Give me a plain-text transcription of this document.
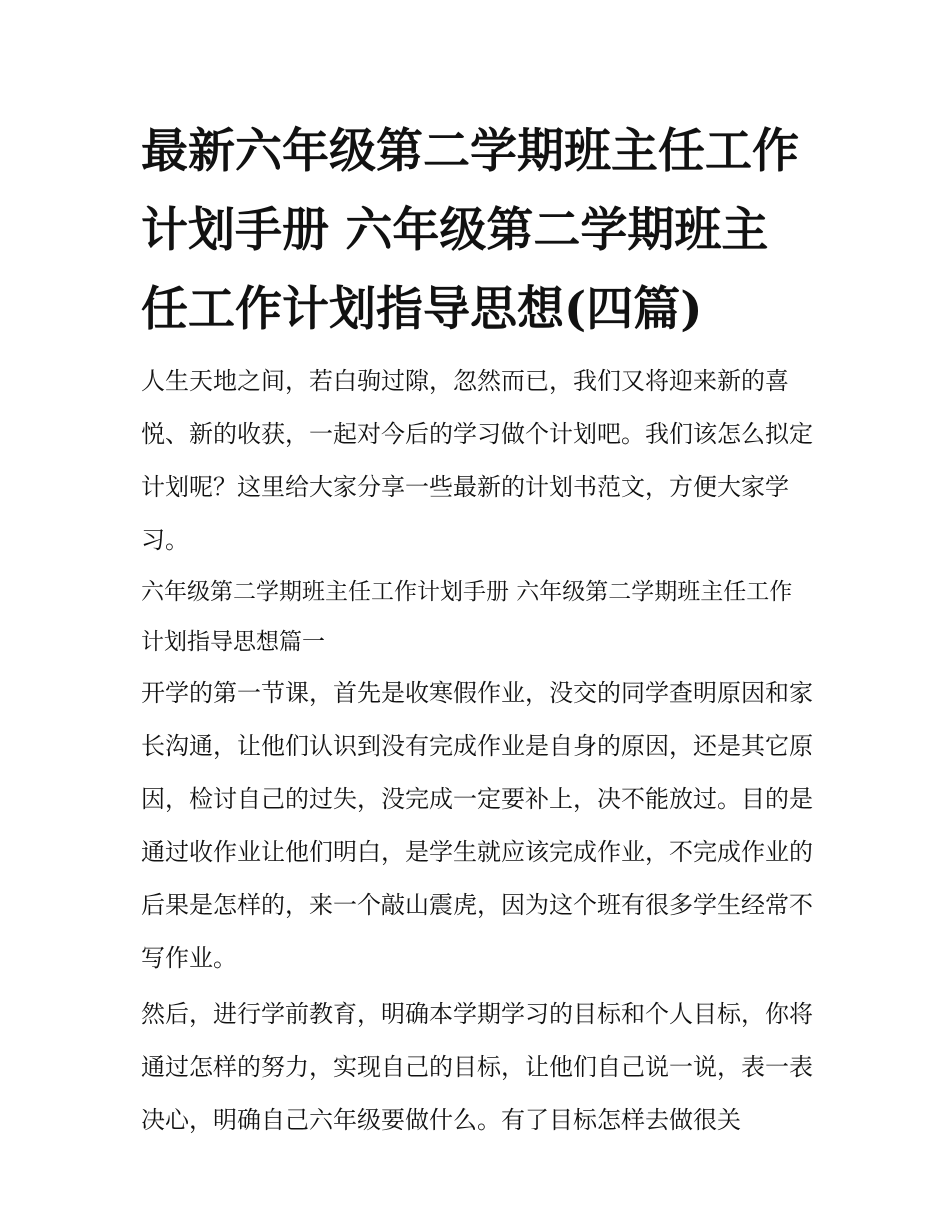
最新六年级第二学期班主任工作计划手册 六年级第二学期班主任工作计划指导思想(四篇)

人生天地之间，若白驹过隙，忽然而已，我们又将迎来新的喜悦、新的收获，一起对今后的学习做个计划吧。我们该怎么拟定计划呢？这里给大家分享一些最新的计划书范文，方便大家学习。

六年级第二学期班主任工作计划手册 六年级第二学期班主任工作计划指导思想篇一

开学的第一节课，首先是收寒假作业，没交的同学查明原因和家长沟通，让他们认识到没有完成作业是自身的原因，还是其它原因，检讨自己的过失，没完成一定要补上，决不能放过。目的是通过收作业让他们明白，是学生就应该完成作业，不完成作业的后果是怎样的，来一个敲山震虎，因为这个班有很多学生经常不写作业。

然后，进行学前教育，明确本学期学习的目标和个人目标，你将通过怎样的努力，实现自己的目标，让他们自己说一说，表一表决心，明确自己六年级要做什么。有了目标怎样去做很关
